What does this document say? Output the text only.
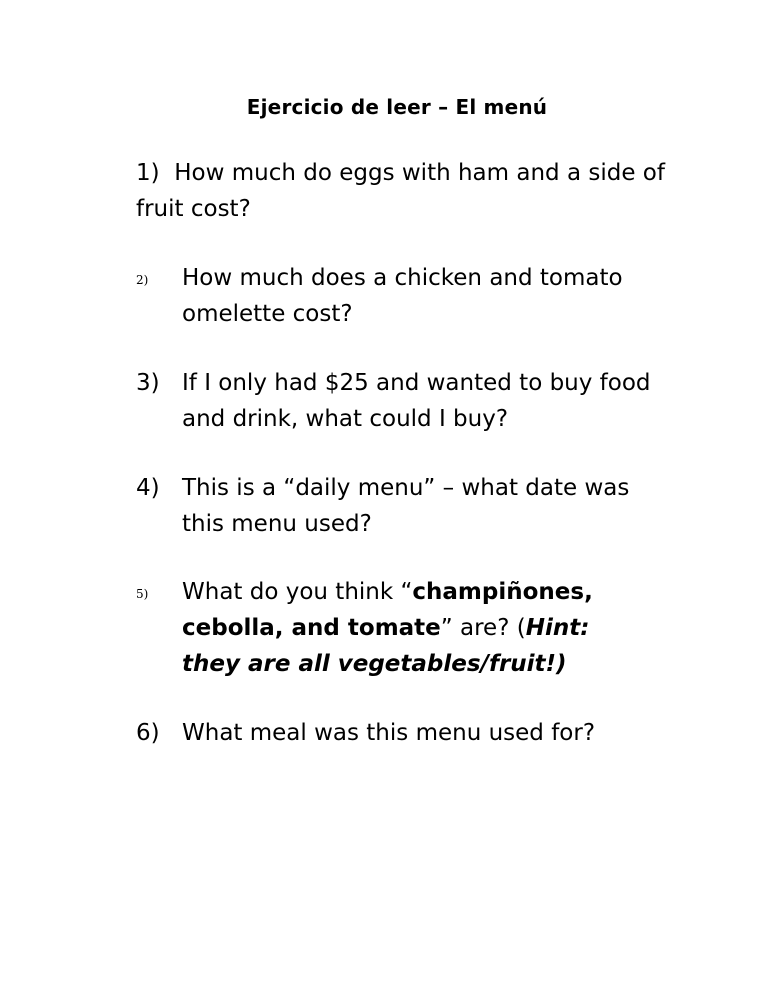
Ejercicio de leer – El menú
1) How much do eggs with ham and a side of fruit cost?
2) How much does a chicken and tomato omelette cost?
3) If I only had $25 and wanted to buy food and drink, what could I buy?
4) This is a “daily menu” – what date was this menu used?
5) What do you think “champiñones, cebolla, and tomate” are? (Hint: they are all vegetables/fruit!)
6) What meal was this menu used for?
